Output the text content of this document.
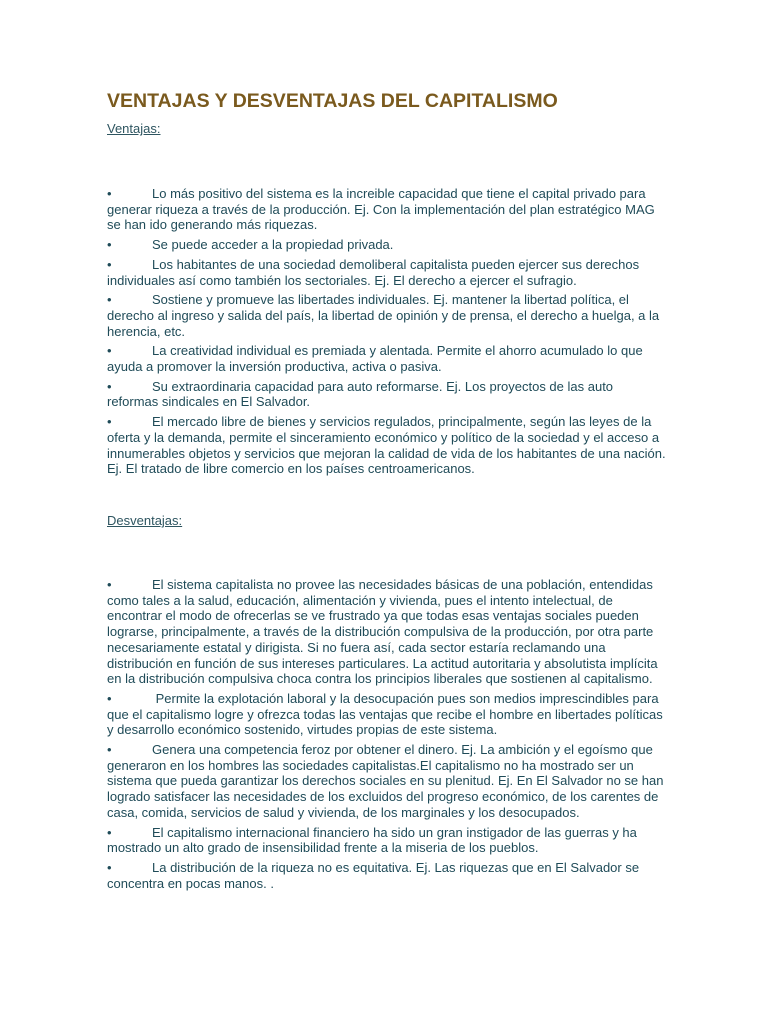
VENTAJAS Y DESVENTAJAS DEL CAPITALISMO

Ventajas:

•	Lo más positivo del sistema es la increible capacidad que tiene el capital privado para generar riqueza a través de la producción. Ej. Con la implementación del plan estratégico MAG se han ido generando más riquezas.
•	Se puede acceder a la propiedad privada.
•	Los habitantes de una sociedad demoliberal capitalista pueden ejercer sus derechos individuales así como también los sectoriales. Ej. El derecho a ejercer el sufragio.
•	Sostiene y promueve las libertades individuales. Ej. mantener la libertad política, el derecho al ingreso y salida del país, la libertad de opinión y de prensa, el derecho a huelga, a la herencia, etc.
•	La creatividad individual es premiada y alentada. Permite el ahorro acumulado lo que ayuda a promover la inversión productiva, activa o pasiva.
•	Su extraordinaria capacidad para auto reformarse. Ej. Los proyectos de las auto reformas sindicales en El Salvador.
•	El mercado libre de bienes y servicios regulados, principalmente, según las leyes de la oferta y la demanda, permite el sinceramiento económico y político de la sociedad y el acceso a innumerables objetos y servicios que mejoran la calidad de vida de los habitantes de una nación. Ej. El tratado de libre comercio en los países centroamericanos.

Desventajas:

•	El sistema capitalista no provee las necesidades básicas de una población, entendidas como tales a la salud, educación, alimentación y vivienda, pues el intento intelectual, de encontrar el modo de ofrecerlas se ve frustrado ya que todas esas ventajas sociales pueden lograrse, principalmente, a través de la distribución compulsiva de la producción, por otra parte necesariamente estatal y dirigista. Si no fuera así, cada sector estaría reclamando una distribución en función de sus intereses particulares. La actitud autoritaria y absolutista implícita en la distribución compulsiva choca contra los principios liberales que sostienen al capitalismo.
•	Permite la explotación laboral y la desocupación pues son medios imprescindibles para que el capitalismo logre y ofrezca todas las ventajas que recibe el hombre en libertades políticas y desarrollo económico sostenido, virtudes propias de este sistema.
•	Genera una competencia feroz por obtener el dinero. Ej. La ambición y el egoísmo que generaron en los hombres las sociedades capitalistas.El capitalismo no ha mostrado ser un sistema que pueda garantizar los derechos sociales en su plenitud. Ej. En El Salvador no se han logrado satisfacer las necesidades de los excluidos del progreso económico, de los carentes de casa, comida, servicios de salud y vivienda, de los marginales y los desocupados.
•	El capitalismo internacional financiero ha sido un gran instigador de las guerras y ha mostrado un alto grado de insensibilidad frente a la miseria de los pueblos.
•	La distribución de la riqueza no es equitativa. Ej. Las riquezas que en El Salvador se concentra en pocas manos. .
